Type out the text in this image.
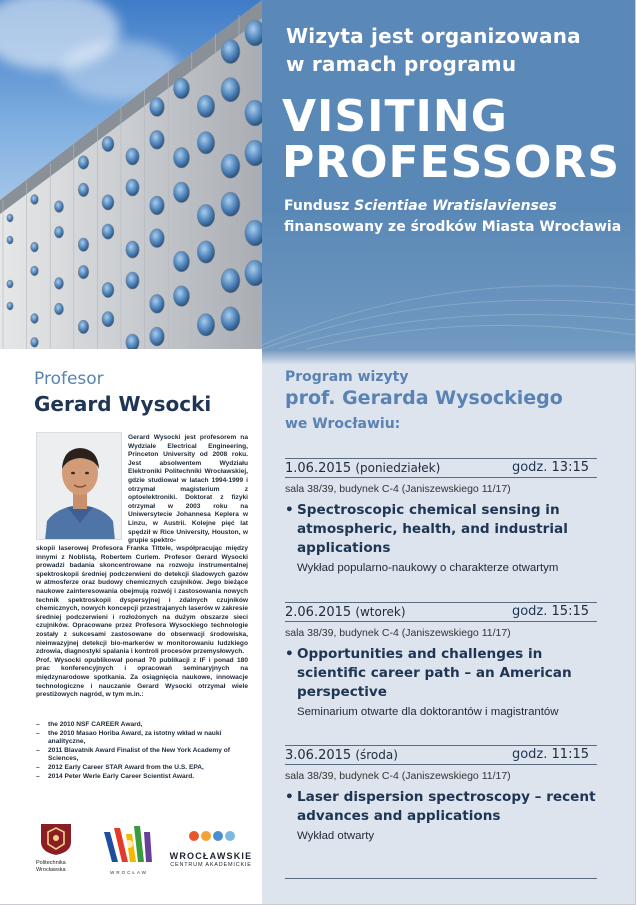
Wizyta jest organizowana
w ramach programu
VISITING
PROFESSORS
Fundusz Scientiae Wratislavienses
finansowany ze środków Miasta Wrocławia
Profesor
Gerard Wysocki
Gerard Wysocki jest profesorem na Wydziale Electrical Engineering, Princeton University od 2008 roku. Jest absolwentem Wydziału Elektroniki Politechniki Wrocławskiej, gdzie studiował w latach 1994-1999 i otrzymał magisterium z optoelektroniki. Doktorat z fizyki otrzymał w 2003 roku na Uniwersytecie Johannesa Keplera w Linzu, w Austrii. Kolejne pięć lat spędził w Rice University, Houston, w grupie spektro-
skopii laserowej Profesora Franka Tittele, współpracując między innymi z Noblistą, Robertem Curlem. Profesor Gerard Wysocki prowadzi badania skoncentrowane na rozwoju instrumentalnej spektroskopii średniej podczerwieni do detekcji śladowych gazów w atmosferze oraz budowy chemicznych czujników. Jego bieżące naukowe zainteresowania obejmują rozwój i zastosowania nowych technik spektroskopii dyspersyjnej i zdalnych czujników chemicznych, nowych koncepcji przestrajanych laserów w zakresie średniej podczerwieni i rozłożonych na dużym obszarze sieci czujników. Opracowane przez Profesora Wysockiego technologie zostały z sukcesami zastosowane do obserwacji środowiska, nieinwazyjnej detekcji bio-markerów w monitorowaniu ludzkiego zdrowia, diagnostyki spalania i kontroli procesów przemysłowych.
Prof. Wysocki opublikował ponad 70 publikacji z IF i ponad 180 prac konferencyjnych i opracowań seminaryjnych na międzynarodowe spotkania. Za osiągnięcia naukowe, innowacje technologiczne i nauczanie Gerard Wysocki otrzymał wiele prestiżowych nagród, w tym m.in.:
– the 2010 NSF CAREER Award,
– the 2010 Masao Horiba Award, za istotny wkład w nauki analityczne,
– 2011 Blavatnik Award Finalist of the New York Academy of Sciences,
– 2012 Early Career STAR Award from the U.S. EPA,
– 2014 Peter Werle Early Career Scientist Award.
Politechnika Wrocławska	WROCŁAW
WROCŁAWSKIE
CENTRUM AKADEMICKIE
Program wizyty
prof. Gerarda Wysockiego
we Wrocławiu:
1.06.2015 (poniedziałek)	godz. 13:15
sala 38/39, budynek C-4 (Janiszewskiego 11/17)
• Spectroscopic chemical sensing in atmospheric, health, and industrial applications
Wykład popularno-naukowy o charakterze otwartym
2.06.2015 (wtorek)	godz. 15:15
sala 38/39, budynek C-4 (Janiszewskiego 11/17)
• Opportunities and challenges in scientific career path – an American perspective
Seminarium otwarte dla doktorantów i magistrantów
3.06.2015 (środa)	godz. 11:15
sala 38/39, budynek C-4 (Janiszewskiego 11/17)
• Laser dispersion spectroscopy – recent advances and applications
Wykład otwarty
